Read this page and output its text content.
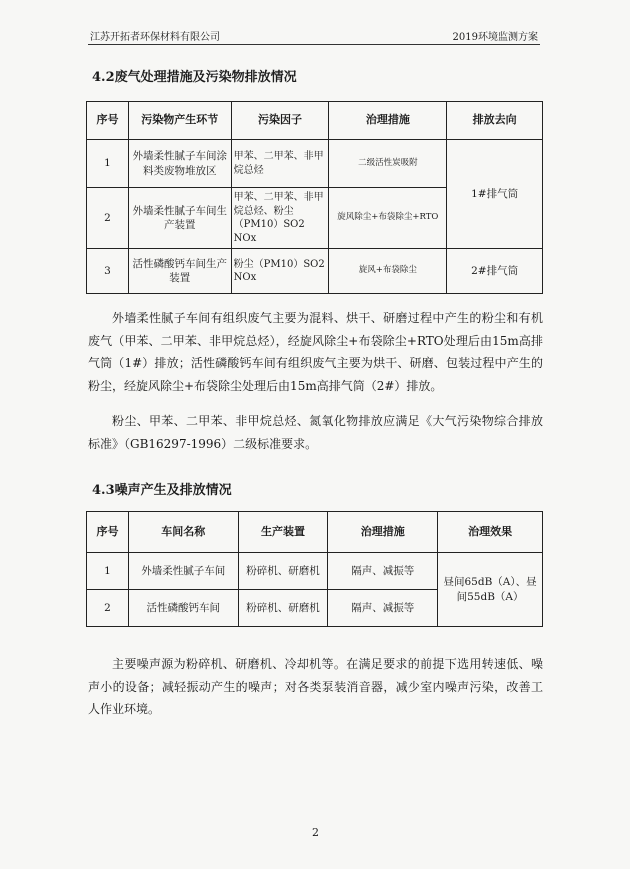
江苏开拓者环保材料有限公司	2019环境监测方案
4.2废气处理措施及污染物排放情况
序号	污染物产生环节	污染因子	治理措施	排放去向
1	外墙柔性腻子车间涂料类废物堆放区	甲苯、二甲苯、非甲烷总烃	二级活性炭吸附	1#排气筒
2	外墙柔性腻子车间生产装置	甲苯、二甲苯、非甲烷总烃、粉尘（PM10）SO2 NOx	旋风除尘+布袋除尘+RTO	
3	活性磷酸钙车间生产装置	粉尘（PM10）SO2 NOx	旋风+布袋除尘	2#排气筒

外墙柔性腻子车间有组织废气主要为混料、烘干、研磨过程中产生的粉尘和有机废气（甲苯、二甲苯、非甲烷总烃），经旋风除尘+布袋除尘+RTO处理后由15m高排气筒（1#）排放；活性磷酸钙车间有组织废气主要为烘干、研磨、包装过程中产生的粉尘，经旋风除尘+布袋除尘处理后由15m高排气筒（2#）排放。

粉尘、甲苯、二甲苯、非甲烷总烃、氮氧化物排放应满足《大气污染物综合排放标准》（GB16297-1996）二级标准要求。

4.3噪声产生及排放情况
序号	车间名称	生产装置	治理措施	治理效果
1	外墙柔性腻子车间	粉碎机、研磨机	隔声、减振等	昼间65dB（A）、昼间55dB（A）
2	活性磷酸钙车间	粉碎机、研磨机	隔声、减振等	

主要噪声源为粉碎机、研磨机、冷却机等。在满足要求的前提下选用转速低、噪声小的设备；减轻振动产生的噪声；对各类泵装消音器，减少室内噪声污染，改善工人作业环境。

2
